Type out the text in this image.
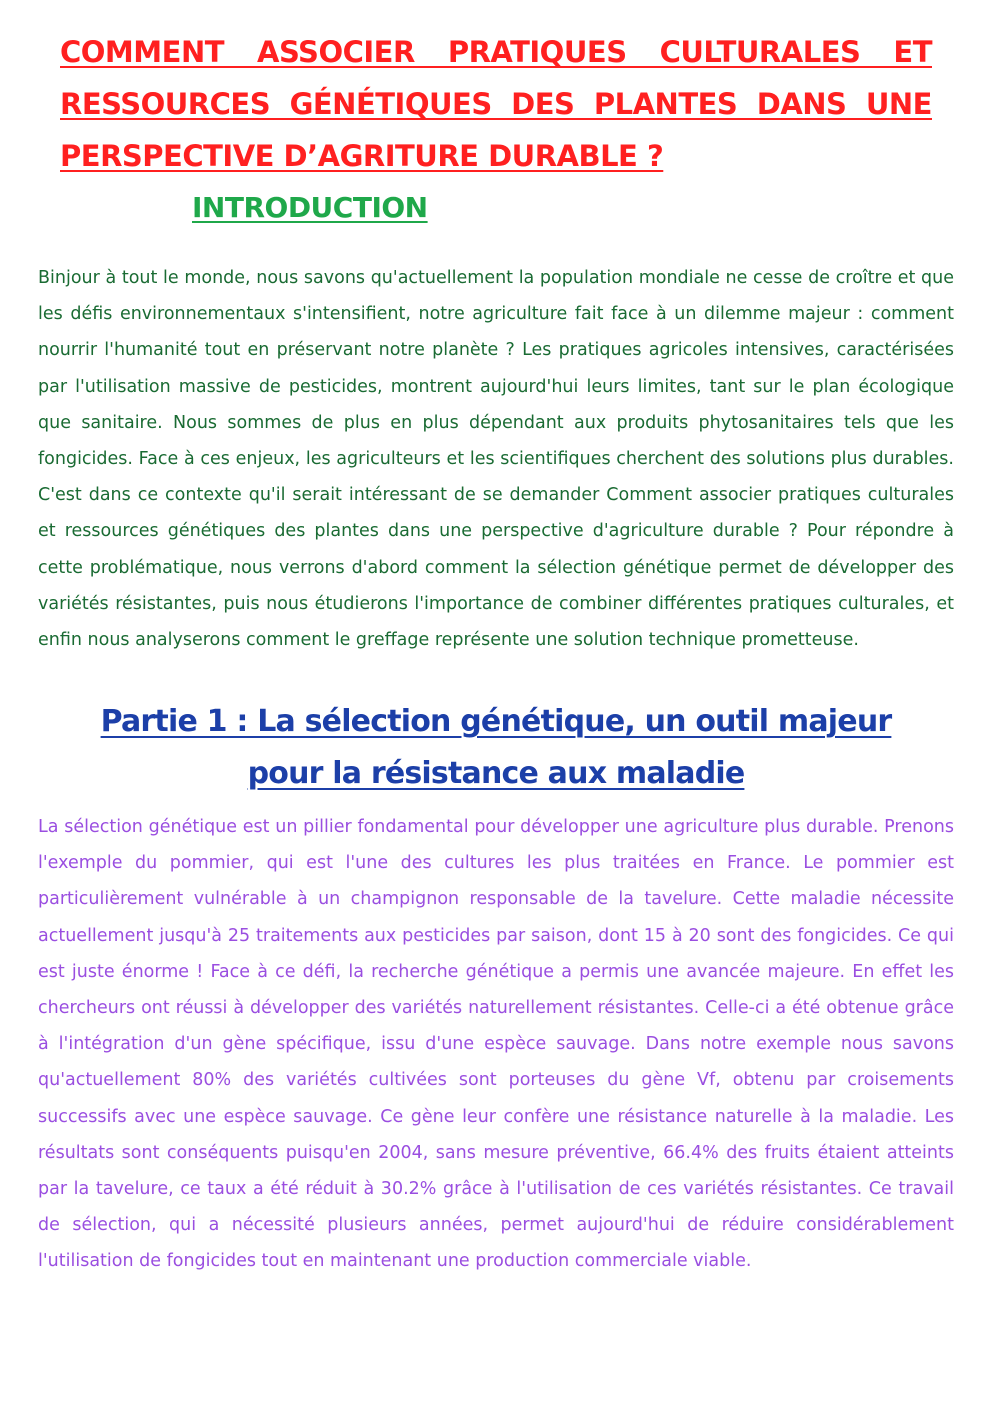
COMMENT ASSOCIER PRATIQUES CULTURALES ET RESSOURCES GÉNÉTIQUES DES PLANTES DANS UNE PERSPECTIVE D’AGRITURE DURABLE ?
INTRODUCTION

Binjour à tout le monde, nous savons qu'actuellement la population mondiale ne cesse de croître et que les défis environnementaux s'intensifient, notre agriculture fait face à un dilemme majeur : comment nourrir l'humanité tout en préservant notre planète ? Les pratiques agricoles intensives, caractérisées par l'utilisation massive de pesticides, montrent aujourd'hui leurs limites, tant sur le plan écologique que sanitaire. Nous sommes de plus en plus dépendant aux produits phytosanitaires tels que les fongicides. Face à ces enjeux, les agriculteurs et les scientifiques cherchent des solutions plus durables. C'est dans ce contexte qu'il serait intéressant de se demander Comment associer pratiques culturales et ressources génétiques des plantes dans une perspective d'agriculture durable ? Pour répondre à cette problématique, nous verrons d'abord comment la sélection génétique permet de développer des variétés résistantes, puis nous étudierons l'importance de combiner différentes pratiques culturales, et enfin nous analyserons comment le greffage représente une solution technique prometteuse.

Partie 1 : La sélection génétique, un outil majeur pour la résistance aux maladie

La sélection génétique est un pillier fondamental pour développer une agriculture plus durable. Prenons l'exemple du pommier, qui est l'une des cultures les plus traitées en France. Le pommier est particulièrement vulnérable à un champignon responsable de la tavelure. Cette maladie nécessite actuellement jusqu'à 25 traitements aux pesticides par saison, dont 15 à 20 sont des fongicides. Ce qui est juste énorme ! Face à ce défi, la recherche génétique a permis une avancée majeure. En effet les chercheurs ont réussi à développer des variétés naturellement résistantes. Celle-ci a été obtenue grâce à l'intégration d'un gène spécifique, issu d'une espèce sauvage. Dans notre exemple nous savons qu'actuellement 80% des variétés cultivées sont porteuses du gène Vf, obtenu par croisements successifs avec une espèce sauvage. Ce gène leur confère une résistance naturelle à la maladie. Les résultats sont conséquents puisqu'en 2004, sans mesure préventive, 66.4% des fruits étaient atteints par la tavelure, ce taux a été réduit à 30.2% grâce à l'utilisation de ces variétés résistantes. Ce travail de sélection, qui a nécessité plusieurs années, permet aujourd'hui de réduire considérablement l'utilisation de fongicides tout en maintenant une production commerciale viable.
